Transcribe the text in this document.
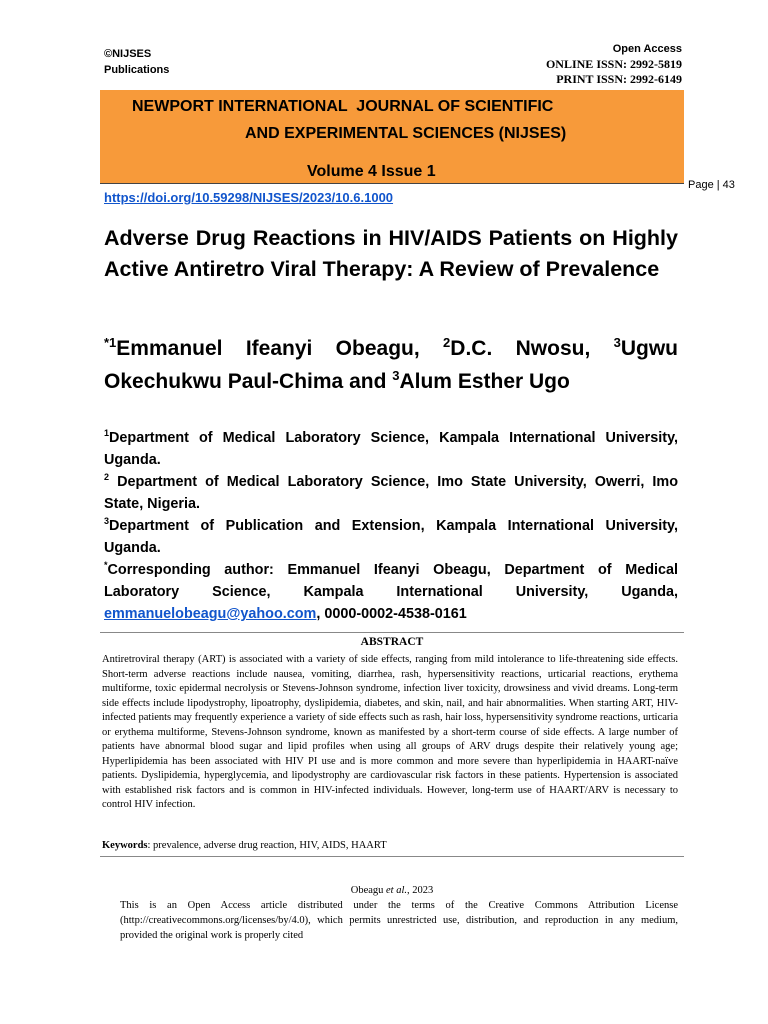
©NIJSES
Publications
Open Access
ONLINE ISSN: 2992-5819
PRINT ISSN: 2992-6149
NEWPORT INTERNATIONAL  JOURNAL OF SCIENTIFIC
AND EXPERIMENTAL SCIENCES (NIJSES)
Volume 4 Issue 1
Page | 43
https://doi.org/10.59298/NIJSES/2023/10.6.1000
Adverse Drug Reactions in HIV/AIDS Patients on Highly Active Antiretro Viral Therapy: A Review of Prevalence
$^{*1}$Emmanuel Ifeanyi Obeagu, $^2$D.C. Nwosu, $^3$Ugwu Okechukwu Paul-Chima and $^3$Alum Esther Ugo
$^1$Department of Medical Laboratory Science, Kampala International University, Uganda.
$^2$ Department of Medical Laboratory Science, Imo State University, Owerri, Imo State, Nigeria.
$^3$Department of Publication and Extension, Kampala International University, Uganda.
*Corresponding author: Emmanuel Ifeanyi Obeagu, Department of Medical Laboratory Science, Kampala International University, Uganda, emmanuelobeagu@yahoo.com, 0000-0002-4538-0161
ABSTRACT
Antiretroviral therapy (ART) is associated with a variety of side effects, ranging from mild intolerance to life-threatening side effects. Short-term adverse reactions include nausea, vomiting, diarrhea, rash, hypersensitivity reactions, urticarial reactions, erythema multiforme, toxic epidermal necrolysis or Stevens-Johnson syndrome, infection liver toxicity, drowsiness and vivid dreams. Long-term side effects include lipodystrophy, lipoatrophy, dyslipidemia, diabetes, and skin, nail, and hair abnormalities. When starting ART, HIV-infected patients may frequently experience a variety of side effects such as rash, hair loss, hypersensitivity syndrome reactions, urticaria or erythema multiforme, Stevens-Johnson syndrome, known as manifested by a short-term course of side effects. A large number of patients have abnormal blood sugar and lipid profiles when using all groups of ARV drugs despite their relatively young age; Hyperlipidemia has been associated with HIV PI use and is more common and more severe than hyperlipidemia in HAART-naïve patients. Dyslipidemia, hyperglycemia, and lipodystrophy are cardiovascular risk factors in these patients. Hypertension is associated with established risk factors and is common in HIV-infected individuals. However, long-term use of HAART/ARV is necessary to control HIV infection.
Keywords: prevalence, adverse drug reaction, HIV, AIDS, HAART
Obeagu et al., 2023
This is an Open Access article distributed under the terms of the Creative Commons Attribution License (http://creativecommons.org/licenses/by/4.0), which permits unrestricted use, distribution, and reproduction in any medium, provided the original work is properly cited
